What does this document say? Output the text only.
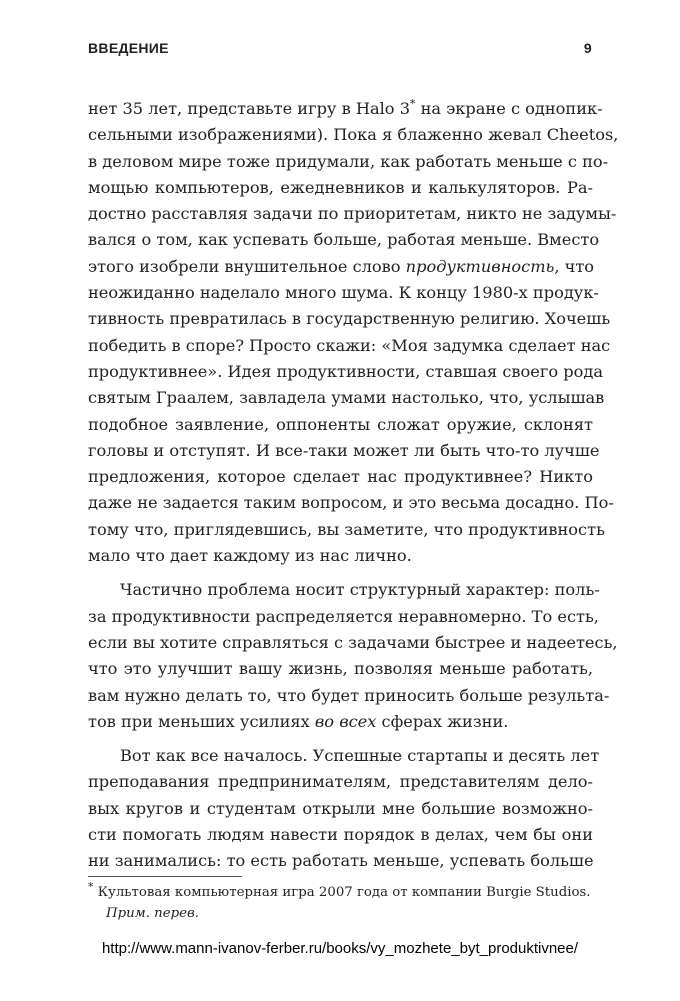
ВВЕДЕНИЕ	9
нет 35 лет, представьте игру в Halo 3* на экране с однопик-
сельными изображениями). Пока я блаженно жевал Cheetos,
в деловом мире тоже придумали, как работать меньше с по-
мощью компьютеров, ежедневников и калькуляторов. Ра-
достно расставляя задачи по приоритетам, никто не задумы-
вался о том, как успевать больше, работая меньше. Вместо
этого изобрели внушительное слово продуктивность, что
неожиданно наделало много шума. К концу 1980-х продук-
тивность превратилась в государственную религию. Хочешь
победить в споре? Просто скажи: «Моя задумка сделает нас
продуктивнее». Идея продуктивности, ставшая своего рода
святым Граалем, завладела умами настолько, что, услышав
подобное заявление, оппоненты сложат оружие, склонят
головы и отступят. И все-таки может ли быть что-то лучше
предложения, которое сделает нас продуктивнее? Никто
даже не задается таким вопросом, и это весьма досадно. По-
тому что, приглядевшись, вы заметите, что продуктивность
мало что дает каждому из нас лично.
Частично проблема носит структурный характер: поль-
за продуктивности распределяется неравномерно. То есть,
если вы хотите справляться с задачами быстрее и надеетесь,
что это улучшит вашу жизнь, позволяя меньше работать,
вам нужно делать то, что будет приносить больше результа-
тов при меньших усилиях во всех сферах жизни.
Вот как все началось. Успешные стартапы и десять лет
преподавания предпринимателям, представителям дело-
вых кругов и студентам открыли мне большие возможно-
сти помогать людям навести порядок в делах, чем бы они
ни занимались: то есть работать меньше, успевать больше
* Культовая компьютерная игра 2007 года от компании Burgie Studios.
Прим. перев.
http://www.mann-ivanov-ferber.ru/books/vy_mozhete_byt_produktivnee/
